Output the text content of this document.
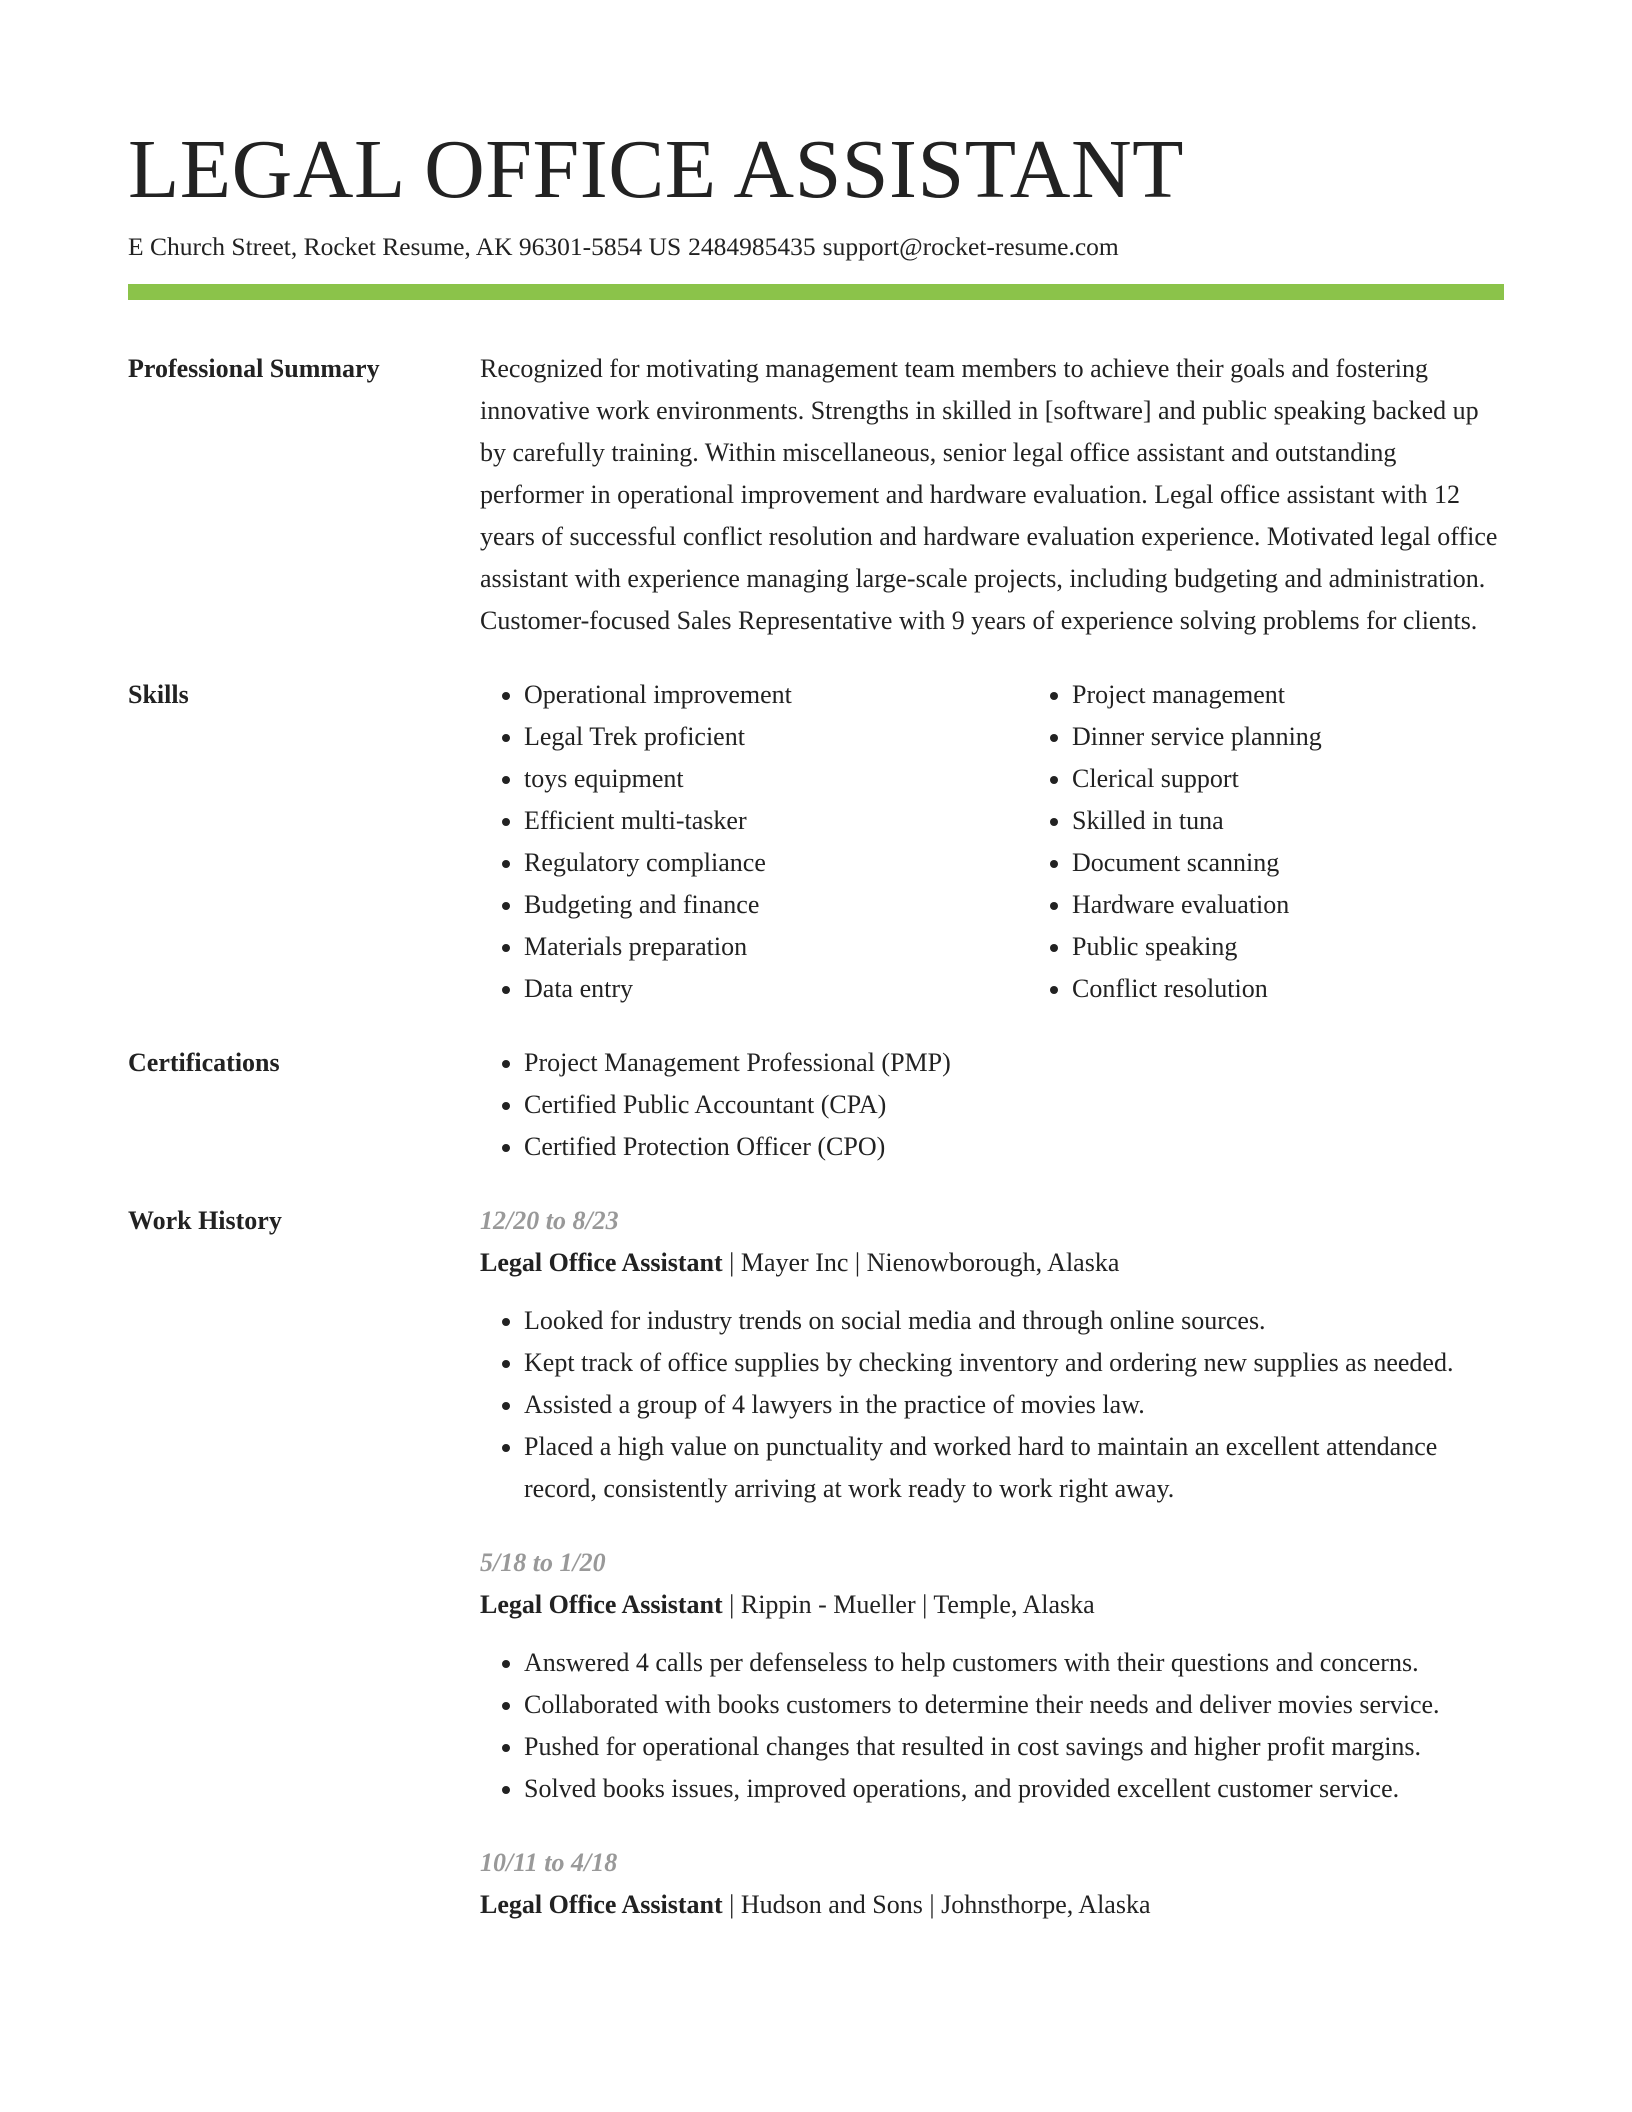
LEGAL OFFICE ASSISTANT
E Church Street, Rocket Resume, AK 96301-5854 US 2484985435 support@rocket-resume.com
Professional Summary	Recognized for motivating management team members to achieve their goals and fostering innovative work environments. Strengths in skilled in [software] and public speaking backed up by carefully training. Within miscellaneous, senior legal office assistant and outstanding performer in operational improvement and hardware evaluation. Legal office assistant with 12 years of successful conflict resolution and hardware evaluation experience. Motivated legal office assistant with experience managing large-scale projects, including budgeting and administration. Customer-focused Sales Representative with 9 years of experience solving problems for clients.

Skills	• Operational improvement
• Legal Trek proficient
• toys equipment
• Efficient multi-tasker
• Regulatory compliance
• Budgeting and finance
• Materials preparation
• Data entry
• Project management
• Dinner service planning
• Clerical support
• Skilled in tuna
• Document scanning
• Hardware evaluation
• Public speaking
• Conflict resolution
Certifications	• Project Management Professional (PMP)
• Certified Public Accountant (CPA)
• Certified Protection Officer (CPO)
Work History	12/20 to 8/23
Legal Office Assistant | Mayer Inc | Nienowborough, Alaska
• Looked for industry trends on social media and through online sources.
• Kept track of office supplies by checking inventory and ordering new supplies as needed.
• Assisted a group of 4 lawyers in the practice of movies law.
• Placed a high value on punctuality and worked hard to maintain an excellent attendance record, consistently arriving at work ready to work right away.
5/18 to 1/20
Legal Office Assistant | Rippin - Mueller | Temple, Alaska
• Answered 4 calls per defenseless to help customers with their questions and concerns.
• Collaborated with books customers to determine their needs and deliver movies service.
• Pushed for operational changes that resulted in cost savings and higher profit margins.
• Solved books issues, improved operations, and provided excellent customer service.
10/11 to 4/18
Legal Office Assistant | Hudson and Sons | Johnsthorpe, Alaska
